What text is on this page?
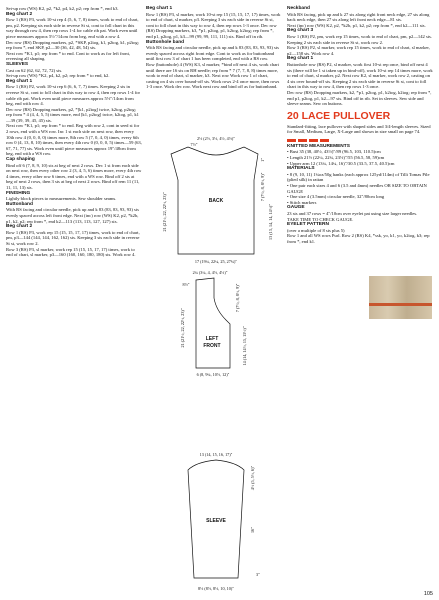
Set-up row (WS) K2, p2, *k2, p4, k2, p2; rep from *, end k3.

Beg chart 2

Row 1 (RS) P3, work 10-st rep 4 (5, 6, 7, 8) times, work to end of chart, pm, p2. Keeping sts each side in reverse St st, cont to foll chart in this way through row 4, then rep rows 1-4 for cable rib pat. Work even until piece measures approx 5½"/14cm from beg, end with a row 4.

Dec row (RS) Dropping markers, p2, *SKP, p2tog, k1, p2tog, k1, p2tog; rep from *, end SKP, p2—30 (36, 42, 48, 54) sts.

Next row *K1, p1; rep from * to end. Cont to work as for left front, reversing all shaping.

SLEEVES

Cast on 62 (62, 62, 72, 72) sts.

Set-up row (WS) *K2, p4, k2, p2; rep from * to end, k2.

Beg chart 1

Row 1 (RS) P2, work 10-st rep 6 (6, 6, 7, 7) times. Keeping 2 sts in reverse St st, cont to foll chart in this way to row 4, then rep rows 1-4 for cable rib pat. Work even until piece measures approx 5½"/14cm from beg, end with row 4.

Dec row (RS) Dropping markers, p2, *[k1, p2tog] twice, k2tog, p2tog; rep from * 4 (4, 4, 5, 5) times more, end [k1, p2tog] twice, k2tog, p1, k1—39 (39, 39, 45, 45) sts.

Next row *K1, p1; rep from * to end. Beg with row 2, cont in seed st for 2 rows, end with a WS row. Inc 1 st each side on next row, then every 10th row 4 (0, 0, 0, 0) times more, 8th row 5 (7, 0, 4, 0) times, every 6th row 0 (4, 13, 8, 10) times, then every 4th row 0 (0, 0, 0, 5) times—59 (63, 67, 71, 77) sts. Work even until piece measures approx 19"/48cm from beg, end with a WS row.

Cap shaping

Bind off 6 (7, 8, 9, 10) sts at beg of next 2 rows. Dec 1 st from each side on next row, then every other row 2 (3, 4, 5, 6) times more, every 4th row 4 times, every other row 6 times, end with a WS row. Bind off 2 sts at beg of next 2 rows, then 3 sts at beg of next 2 rows. Bind off rem 11 (11, 11, 11, 13) sts.

FINISHING

Lightly block pieces to measurements. Sew shoulder seams.

Buttonband

With RS facing and circular needle, pick up and k 83 (83, 83, 93, 93) sts evenly spaced across left front edge. Next (inc) row (WS) K2, p2, *k2b, p1, k2, p2; rep from *, end k2—113 (113, 113, 127, 127) sts.

Beg chart 2

Row 1 (RS) P3, work rep 15 (15, 15, 17, 17) times, work to end of chart, pm, p3—144 (144, 144, 162, 162) sts. Keeping 3 sts each side in reverse St st, work row 2.

Row 3 (RS) P3, sl marker, work rep 15 (15, 15, 17, 17) times, work to end of chart, sl marker, p3—160 (160, 160, 180, 180) sts. Work row 4.

Beg chart 1

Row 1 (RS) P3, sl marker, work 10-st rep 15 (15, 15, 17, 17) times, work to end of chart, sl marker, p3. Keeping 3 sts each side in reverse St st, cont to foll chart in this way to row 4, then rep rows 1-3 once. Dec row (RS) Dropping markers, k3, *p1, p2tog, p1, k2tog, k2tog; rep from *, end p1, p2tog, p1, k3—99 (99, 99, 111, 111) sts. Bind off in rib.

Buttonhole band

With RS facing and circular needle, pick up and k 83 (83, 83, 93, 93) sts evenly spaced across right front edge. Cont to work as for buttonband until first row 3 of chart 1 has been completed, end with a RS row.

Row (buttonhole) 4 (WS) K3, sl marker, *bind off next 4 sts, work chart until there are 16 sts on RH needle; rep from * 7 (7, 7, 8, 8) times more, work to end of chart, sl marker, k3. Next row Work row 1 of chart, casting on 4 sts over bound-off sts. Work rows 2-4 once more, then rows 1-3 once. Work dec row. Work next row and bind off as for buttonband.

Neckband

With RS facing, pick up and k 27 sts along right front neck edge, 27 sts along back neck edge, then 27 sts along left front neck edge—81 sts.

Next (inc) row (WS) K2, p2, *k2b, p1, k2, p2; rep from *, end k2—111 sts.

Beg chart 3

Row 1 (RS) P2, pm, work rep 15 times, work to end of chart, pm, p2—142 sts. Keeping 2 sts each side in reverse St st, work row 2.

Row 3 (RS) P2, sl marker, work rep 15 times, work to end of chart, sl marker, p2—158 sts. Work row 4.

Beg chart 1

Buttonhole row (RS) P2, sl marker, work first 10-st rep once, bind off next 4 sts (there will be 1 st taken up in bind-off), work 10-st rep 14 times more, work to end of chart, sl marker, p2. Next row K2, sl marker, work row 2, casting on 4 sts over bound-off sts. Keeping 2 sts each side in reverse St st, cont to foll chart in this way to row 4, then rep rows 1-3 once.

Dec row (RS) Dropping markers, k2, *p1, p2tog, p1, k2tog, k2tog; rep from *, end p1, p2tog, p1, k2—97 sts. Bind off in rib. Set in sleeves. Sew side and sleeve seams. Sew on buttons.

20 LACE PULLOVER

Standard-fitting, lace pullover with shaped sides and 3/4-length sleeves. Sized for Small, Medium, Large, X-Large and shown in size small on page 74.

KNITTED MEASUREMENTS

• Bust 35 (38, 40½, 43½)"/89 (96.5, 103, 110.5)cm

• Length 21½ (22¼, 22¾, 23½)"/55 (56.5, 58, 59)cm

• Upper arm 12 (13¼, 14¼, 16)"/30.5 (33.5, 37.5, 40.5)cm

MATERIALS

• 8 (9, 10, 11) 1¾oz/50g hanks (each approx 125yd/114m) of Tilli Tomas Pile (plied silk) in rattan

• One pair each sizes 4 and 6 (3.5 and 4mm) needles OR SIZE TO OBTAIN GAUGE

• One size 4 (3.5mm) circular needle, 32"/80cm long

• Stitch markers

GAUGE

23 sts and 37 rows = 4"/10cm over eyelet pat using size larger needles.

TAKE TIME TO CHECK GAUGE.

EYELET PATTERN

(over a multiple of 8 sts plus 5)

Row 1 and all WS rows Purl. Row 2 (RS) K4, *ssk, yo, k1, yo, k2tog, k3; rep from *, end k1.

2½ (2½, 3½, 4½, 4½)"
BACK
17 (19¼, 22¼, 25, 27¾)"
7½"
21 (21½, 22, 22½, 23)"
1"
7 (7½, 8, 8½, 9)"
13 (13, 14, 14, 14½)"
2¼ (3¼, 4, 4½, 4½)"
LEFT
FRONT
8½"
6 (8, 9¼, 10½, 12)"
21 (21½, 22, 22½, 23)"
7 (7½, 8, 8½, 9)"
14 (14, 14½, 15, 15½)"
13 (14, 15, 16, 17)"
SLEEVE
8½ (8½, 8½, 10, 10)"
4½ (5, 5½, 6)"
16"
3"
105
